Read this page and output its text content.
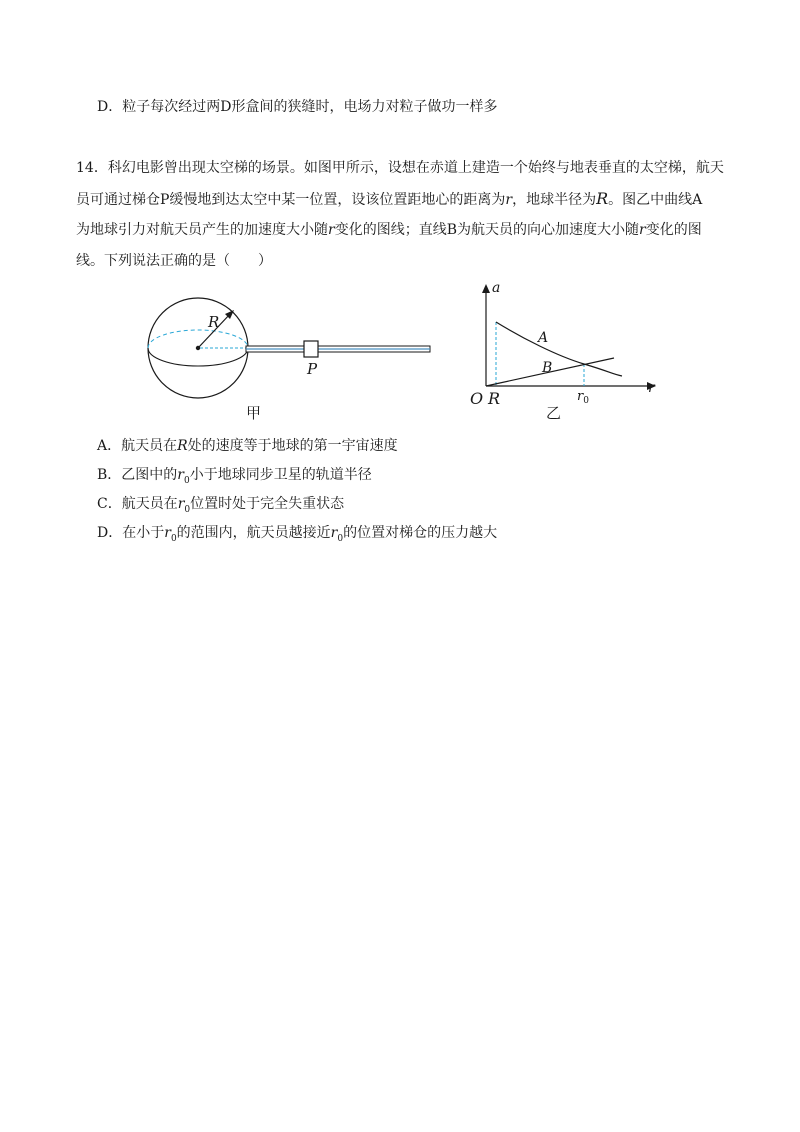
D．粒子每次经过两D形盒间的狭缝时，电场力对粒子做功一样多
14．科幻电影曾出现太空梯的场景。如图甲所示，设想在赤道上建造一个始终与地表垂直的太空梯，航天
员可通过梯仓P缓慢地到达太空中某一位置，设该位置距地心的距离为r，地球半径为R。图乙中曲线A
为地球引力对航天员产生的加速度大小随r变化的图线；直线B为航天员的向心加速度大小随r变化的图
线。下列说法正确的是（　　）
R
P
甲
a
r
O R	$r_0$
A
B
乙
A．航天员在R处的速度等于地球的第一宇宙速度
B．乙图中的$r_0$小于地球同步卫星的轨道半径
C．航天员在$r_0$位置时处于完全失重状态
D．在小于$r_0$的范围内，航天员越接近$r_0$的位置对梯仓的压力越大
